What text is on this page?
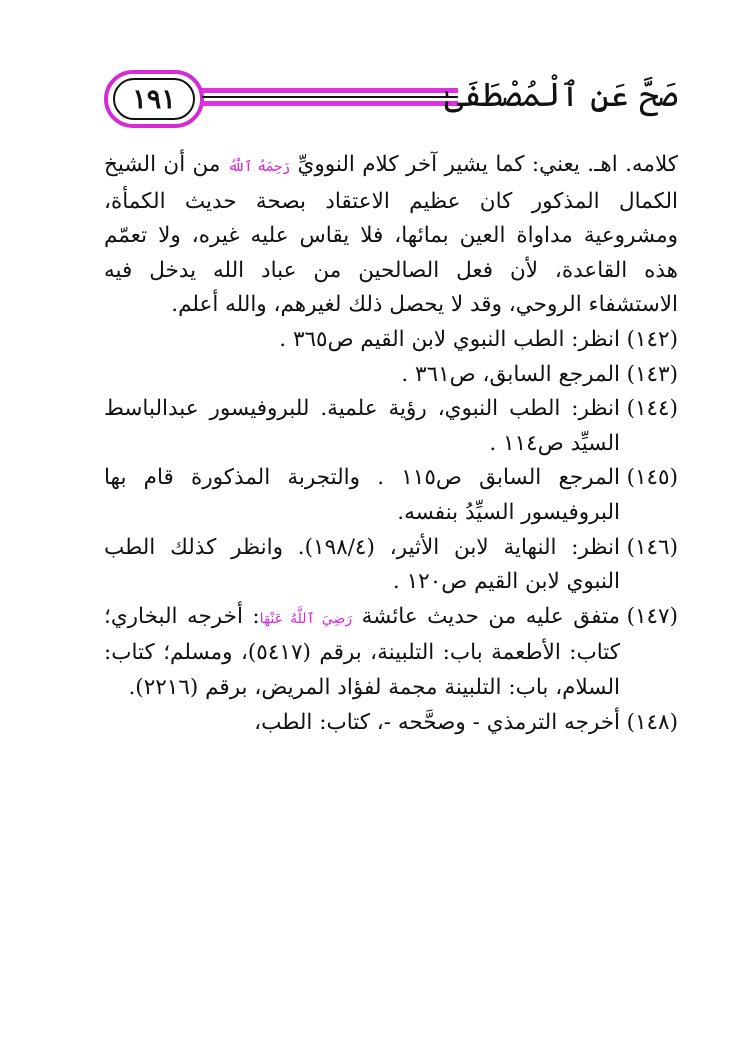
١٩١	صَحَّ عَنِ ٱلْمُصْطَفَىٰ

كلامه. اهـ. يعني: كما يشير آخر كلام النوويِّ رَحِمَهُ ٱللَّهُ من أن الشيخ الكمال المذكور كان عظيم الاعتقاد بصحة حديث الكمأة، ومشروعية مداواة العين بمائها، فلا يقاس عليه غيره، ولا تعمّم هذه القاعدة، لأن فعل الصالحين من عباد الله يدخل فيه الاستشفاء الروحي، وقد لا يحصل ذلك لغيرهم، والله أعلم.

(١٤٢)
انظر: الطب النبوي لابن القيم ص٣٦٥ .
(١٤٣)
المرجع السابق، ص٣٦١ .
(١٤٤)
انظر: الطب النبوي، رؤية علمية. للبروفيسور عبدالباسط السيِّد ص١١٤ .
(١٤٥)
المرجع السابق ص١١٥ . والتجربة المذكورة قام بها البروفيسور السيِّدُ بنفسه.
(١٤٦)
انظر: النهاية لابن الأثير، (١٩٨/٤). وانظر كذلك الطب النبوي لابن القيم ص١٢٠ .
(١٤٧)
متفق عليه من حديث عائشة رَضِيَ ٱللَّهُ عَنْهَا: أخرجه البخاري؛ كتاب: الأطعمة باب: التلبينة، برقم (٥٤١٧)، ومسلم؛ كتاب: السلام، باب: التلبينة مجمة لفؤاد المريض، برقم (٢٢١٦).
(١٤٨)
أخرجه الترمذي - وصحَّحه -، كتاب: الطب،
